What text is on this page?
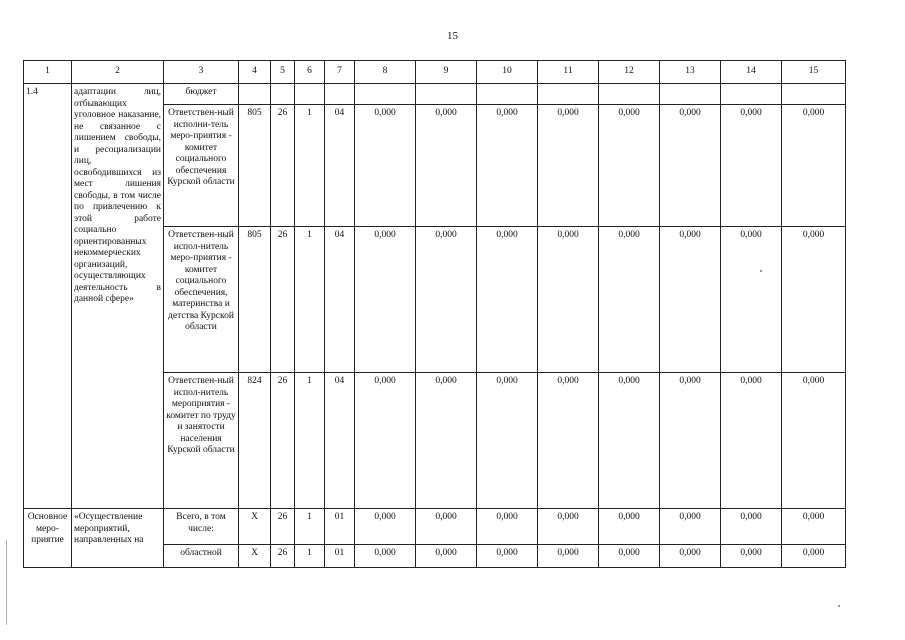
15
1	2	3	4	5	6	7	8	9	10	11	12	13	14	15
1.4	адаптации лиц, отбывающих уголовное наказание, не связанное с лишением свободы, и ресоциализации лиц, освободившихся из мест лишения свободы, в том числе по привлечению к этой работе социально ориентированных некоммерческих организаций, осуществляющих деятельность в данной сфере»	бюджет												
		Ответствен-ный исполни-тель меро-приятия - комитет социального обеспечения Курской области	805	26	1	04	0,000	0,000	0,000	0,000	0,000	0,000	0,000	0,000
		Ответствен-ный испол-нитель меро-приятия - комитет социального обеспечения, материнства и детства Курской области	805	26	1	04	0,000	0,000	0,000	0,000	0,000	0,000	0,000	0,000
		Ответствен-ный испол-нитель мероприятия - комитет по труду и занятости населения Курской области	824	26	1	04	0,000	0,000	0,000	0,000	0,000	0,000	0,000	0,000
Основное меро-приятие	«Осуществление мероприятий, направленных на	Всего, в том числе:	Х	26	1	01	0,000	0,000	0,000	0,000	0,000	0,000	0,000	0,000
		областной	Х	26	1	01	0,000	0,000	0,000	0,000	0,000	0,000	0,000	0,000
